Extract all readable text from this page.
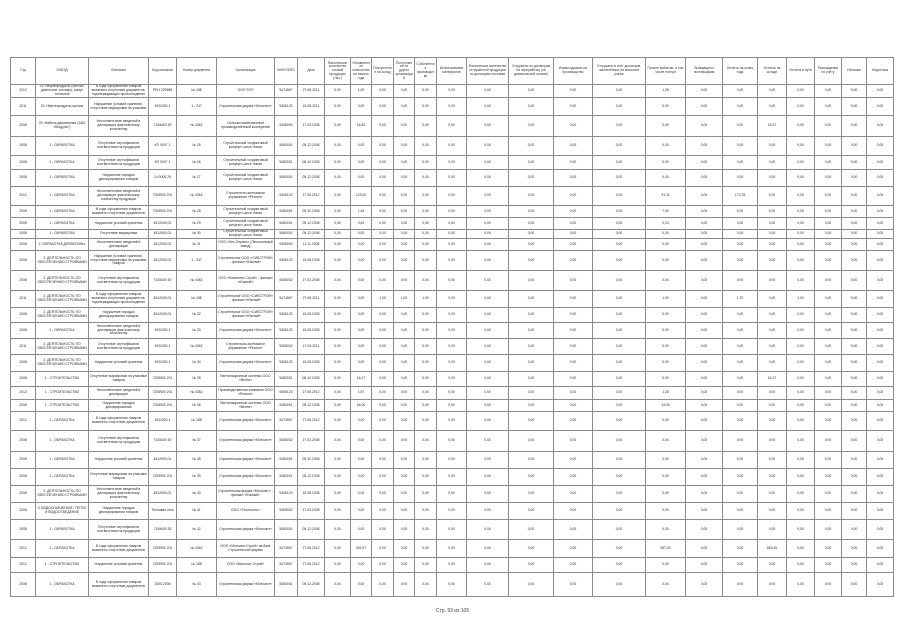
Год	ОКВЭД	Описание	Код описания	Номер документа	Организация	ИНН/ОКПО	Дата	Фактическое количество готовой продукции (тыс.)	Объявленное количество на начало года	Поступление на склад	Поступление из других организаций	Собственное производство	Использование материалов	Фактическое количество отгруженной продукции по договорам поставки	Отгружено по договорам на переработку (на давальческой основе)	Израсходовано на производство	Отгружено в счёт договоров, заключённых на внешнем рынке	Прочее выбытие, в том числе потери	Возвращено поставщикам	Остаток на конец года	Остаток на складе	Остаток в пути	Расхождение по учёту	Излишки	Недостача

2012	23. Нефтепродукты (бензин, дизельное топливо), мазут топочный	В ходе оформления товаров выявлено отсутствие документов, подтверждающих происхождение	РЕН 229585	№ 188	ООО ТНП	5474567	27.06.2011	0,00	1,00	0,00	0,00	0,00	0,00	0,00	0,00	0,00	0,00	1,28	0,00	0,00	0,00	0,00	0,00	0,00	0,00

2011	23. Нефтепродукты прочие	Нарушение условий хранения, отсутствие маркировки на упаковке	4511000,1	1 - 247	Строительная фирма «Монолит»	5406120	15.08.2011	0,00	0,00	0,00	0,00	0,00	0,00	0,00	0,00	0,00	0,00	0,00	0,00	0,00	0,00	0,00	0,00	0,00	0,00

2008	20. Мебель деревянная (ЗАО «Модуль»)	Несоответствие сведений в декларации фактическому количеству	7108400 30	№ 4362	Сельскохозяйственный производственный кооператив	5408002	17.03.2008	0,00	16,82	0,00	0,00	0,00	0,00	0,00	0,00	0,00	0,00	0,00	0,00	0,00	16,57	0,00	0,00	0,00	0,00

2008	1 - ОБРАБОТКА	Отсутствие сертификатов соответствия на продукцию	КП 0007 1	№ 25	Строительный холдинговый концерн Lance Hasso	5480001	05.12.2008	0,00	0,00	0,00	0,00	0,00	0,00	0,00	0,00	0,00	0,00	0,00	0,00	0,00	0,00	0,00	0,00	0,00	0,00

2008	1 - ОБРАБОТКА	Отсутствие сертификатов соответствия на продукцию	КП 0007 1	№ 26	Строительный холдинговый концерн Lance Hasso	5480001	05.12.2008	0,00	0,00	0,00	0,00	0,00	0,00	0,00	0,00	0,00	0,00	0,00	0,00	0,00	0,00	0,00	0,00	0,00	0,00

2008	1 - ОБРАБОТКА	Нарушение порядка декларирования товаров	14.0000 29	№ 27	Строительный холдинговый концерн Lance Hasso	5480001	05.12.2008	0,00	0,00	0,00	0,00	0,00	0,00	0,00	0,00	0,00	0,00	0,00	0,00	0,00	0,00	0,00	0,00	0,00	0,00

2012	1 - ОБРАБОТКА	Несоответствие сведений в декларации фактическому количеству продукции	7205900 201	№ 4362	Строительно-монтажное управление «Регион»	5406120	27.06.2012	0,00	123,00	0,00	0,00	0,00	0,00	0,00	0,00	0,00	0,00	91,11	0,00	173,78	0,00	0,00	0,00	0,00	0,00

2008	1 - ОБРАБОТКА	В ходе оформления товаров выявлено отсутствие документов	7205900 201	№ 28	Строительный холдинговый концерн Lance Hasso	5480001	05.12.2008	0,00	1,45	0,00	0,00	0,00	0,00	0,00	0,00	0,00	0,00	7,00	0,00	0,00	0,00	0,00	0,00	0,00	0,00

2008	1 - ОБРАБОТКА	Нарушение условий хранения	4512000,01	№ 29	Строительный холдинговый концерн Lance Hasso	5480001	05.12.2008	0,00	0,63	0,00	0,00	0,00	0,00	0,00	0,00	0,00	0,00	0,24	0,00	0,00	0,00	0,00	0,00	0,00	0,00

2008	1 - ОБРАБОТКА	Отсутствие маркировки	4512000,01	№ 30	Строительный холдинговый концерн Lance Hasso	5480001	05.12.2008	0,00	0,00	0,00	0,00	0,00	0,00	0,00	0,00	0,00	0,00	0,00	0,00	0,00	0,00	0,00	0,00	0,00	0,00

2008	2. ОБРАБОТКА ДРЕВЕСИНЫ	Несоответствие сведений в декларации	4512000,01	№ 31	ООО «Лес-Сервис» (Лесопильный завод)	5408002	12.11.2008	0,00	0,00	0,00	0,00	0,00	0,00	0,00	0,00	0,00	0,00	0,00	0,00	0,00	0,00	0,00	0,00	0,00	0,00

2008	2. ДЕЯТЕЛЬНОСТЬ ПО ОБЕСПЕЧЕНИЮ СТРОЙКАМИ	Нарушение условий хранения, отсутствие маркировки на упаковке товаров	4512000,01	1 - 247	Строительное ООО «СИБСТРОЙ» - филиал «Южный»	5406120	15.08.2008	0,00	0,00	0,00	0,00	0,00	0,00	0,00	0,00	0,00	0,00	0,00	0,00	0,00	0,00	0,00	0,00	0,00	0,00

2008	2. ДЕЯТЕЛЬНОСТЬ ПО ОБЕСПЕЧЕНИЮ СТРОЙКАМИ	Отсутствие сертификатов соответствия на продукцию	7108400 30	№ 4362	ООО «Комплекс-Строй» - филиал «Южный»	5408002	17.03.2008	0,00	0,00	0,00	0,00	0,00	0,00	0,00	0,00	0,00	0,00	0,00	0,00	0,00	0,00	0,00	0,00	0,00	0,00

2011	2. ДЕЯТЕЛЬНОСТЬ ПО ОБЕСПЕЧЕНИЮ СТРОЙКАМИ	В ходе оформления товаров выявлено отсутствие документов, подтверждающих происхождение	4512000,01	№ 188	Строительное ООО «СИБСТРОЙ» - филиал «Южный»	5474567	27.06.2011	0,00	0,00	1,00	1,00	1,00	0,00	0,00	0,00	0,00	0,00	1,00	0,00	1,70	0,00	1,00	0,00	0,00	0,00

2008	2. ДЕЯТЕЛЬНОСТЬ ПО ОБЕСПЕЧЕНИЮ СТРОЙКАМИ	Нарушение порядка декларирования товаров	4512000,01	№ 32	Строительное ООО «СИБСТРОЙ» - филиал «Южный»	5406120	15.08.2008	0,00	0,00	0,00	0,00	0,00	0,00	0,00	0,00	0,00	0,00	0,00	0,00	0,00	0,00	0,00	0,00	0,00	0,00

2008	1 - ОБРАБОТКА	Несоответствие сведений в декларации фактическому количеству	4511000,1	№ 33	Строительная фирма «Монолит»	5406120	15.08.2008	0,00	0,00	0,00	0,00	0,00	0,00	0,00	0,00	0,00	0,00	0,00	0,00	0,00	0,00	0,00	0,00	0,00	0,00

2011	2. ДЕЯТЕЛЬНОСТЬ ПО ОБЕСПЕЧЕНИЮ СТРОЙКАМИ	Отсутствие сертификатов соответствия на продукцию	4511000,1	№ 4362	Строительно-монтажное управление «Регион»	5408002	17.03.2011	0,00	0,00	0,00	0,00	0,00	0,00	0,00	0,00	0,00	0,00	0,00	0,00	0,00	0,00	0,00	0,00	0,00	0,00

2008	2. ДЕЯТЕЛЬНОСТЬ ПО ОБЕСПЕЧЕНИЮ СТРОЙКАМИ	Нарушение условий хранения	4511000,1	№ 34	Строительная фирма «Монолит»	5406120	15.08.2008	0,00	0,00	0,00	0,00	0,00	0,00	0,00	0,00	0,00	0,00	0,00	0,00	0,00	0,00	0,00	0,00	0,00	0,00

2008	1 - СТРОИТЕЛЬСТВО	Отсутствие маркировки на упаковке товаров	7205900 201	№ 35	Вентиляционные системы ООО «Вента»	5480001	05.12.2008	0,00	16,17	0,00	0,00	0,00	0,00	0,00	0,00	0,00	0,00	0,00	0,00	0,00	16,17	0,00	0,00	0,00	0,00

2012	1 - СТРОИТЕЛЬСТВО	Несоответствие сведений в декларации	7205900 201	№ 4362	Производственная компания ООО «Регион»	5406120	27.06.2012	0,00	1,57	0,00	0,00	0,00	0,00	0,00	0,00	0,00	0,00	1,28	0,00	0,00	0,00	0,00	0,00	0,00	0,00

2008	1 - СТРОИТЕЛЬСТВО	Нарушение порядка декларирования	7205900 201	№ 36	Вентиляционные системы ООО «Вента»	5480001	05.12.2008	0,00	26,00	0,00	0,00	0,00	0,00	0,00	0,00	0,00	0,00	14,00	0,00	0,00	0,00	0,00	0,00	0,00	0,00

2012	1 - ОБРАБОТКА	В ходе оформления товаров выявлено отсутствие документов	4511000,1	№ 188	Строительная фирма «Монолит»	5474567	27.06.2012	0,00	0,00	0,00	0,00	0,00	0,00	0,00	0,00	0,00	0,00	0,00	0,00	0,00	0,00	0,00	0,00	0,00	0,00

2008	1 - ОБРАБОТКА	Отсутствие сертификатов соответствия на продукцию	7108400 30	№ 37	Строительная фирма «Монолит»	5408002	17.03.2008	0,00	0,00	0,00	0,00	0,00	0,00	0,00	0,00	0,00	0,00	0,00	0,00	0,00	0,00	0,00	0,00	0,00	0,00

2008	1 - ОБРАБОТКА	Нарушение условий хранения	4512000,01	№ 38	Строительная фирма «Монолит»	5480001	05.12.2008	0,00	0,00	0,00	0,00	0,00	0,00	0,00	0,00	0,00	0,00	0,00	0,00	0,00	0,00	0,00	0,00	0,00	0,00

2008	1 - ОБРАБОТКА	Отсутствие маркировки на упаковке товаров	7205900 201	№ 39	Строительная фирма «Монолит»	5480001	05.12.2008	0,00	0,00	0,00	0,00	0,00	0,00	0,00	0,00	0,00	0,00	0,00	0,00	0,00	0,00	0,00	0,00	0,00	0,00

2008	2. ДЕЯТЕЛЬНОСТЬ ПО ОБЕСПЕЧЕНИЮ СТРОЙКАМИ	Несоответствие сведений в декларации фактическому количеству	4512000,01	№ 40	Строительная фирма «Монолит» - филиал «Южный»	5406120	15.08.2008	0,00	0,00	0,00	0,00	0,00	0,00	0,00	0,00	0,00	0,00	0,00	0,00	0,00	0,00	0,00	0,00	0,00	0,00

2008	3. ВОДОСНАБЖЕНИЕ, ТЕПЛО И ВОДООТВЕДЕНИЕ	Нарушение порядка декларирования товаров	Тепловая сеть	№ 41	ООО «Теплосеть»	5408002	17.03.2008	0,00	0,00	0,00	0,00	0,00	0,00	0,00	0,00	0,00	0,00	0,00	0,00	0,00	0,00	0,00	0,00	0,00	0,00

2008	1 - ОБРАБОТКА	Отсутствие сертификатов соответствия на продукцию	7108400 30	№ 42	Строительная фирма «Монолит»	5480001	05.12.2008	0,00	0,00	0,00	0,00	0,00	0,00	0,00	0,00	0,00	0,00	0,00	0,00	0,00	0,00	0,00	0,00	0,00	0,00

2012	1 - ОБРАБОТКА	В ходе оформления товаров выявлено отсутствие документов	7205900 201	№ 4362	ООО «Монолит-Строй» на базе Строительной фирмы	5474567	27.06.2012	0,00	302,97	0,00	0,00	0,00	0,00	0,00	0,00	0,00	0,00	957,00	0,00	0,00	853,49	0,00	0,00	0,00	0,00

2012	1 - СТРОИТЕЛЬСТВО	Нарушение условий хранения	7205900 201	№ 188	ООО «Монолит-Строй»	5474567	27.06.2012	0,00	0,00	0,00	0,00	0,00	0,00	0,00	0,00	0,00	0,00	0,00	0,00	0,00	0,00	0,00	0,00	0,00	0,00

2008	1 - ОБРАБОТКА	В ходе оформления товаров выявлено отсутствие документов	2005 2006	№ 43	Строительная фирма «Монолит»	5480001	05.12.2008	0,00	0,00	0,00	0,00	0,00	0,00	0,00	0,00	0,00	0,00	0,00	0,00	0,00	0,00	0,00	0,00	0,00	0,00
Стр. 93 из 105
